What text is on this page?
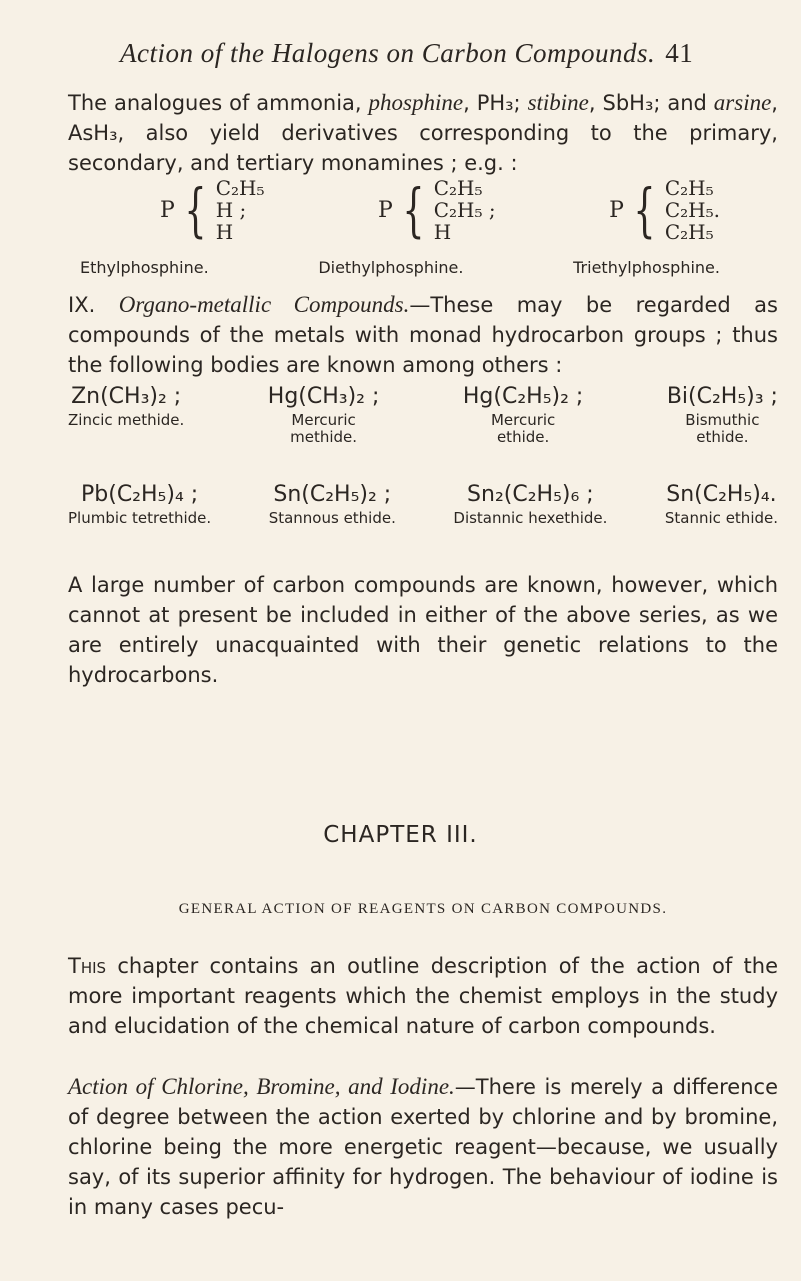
Action of the Halogens on Carbon Compounds. 41
The analogues of ammonia, phosphine, PH₃; stibine, SbH₃; and arsine, AsH₃, also yield derivatives corresponding to the primary, secondary, and tertiary monamines ; e.g. :
P { C₂H₅
H ;
H
P { C₂H₅
C₂H₅ ;
H
P { C₂H₅
C₂H₅.
C₂H₅
Ethylphosphine.	Diethylphosphine.	Triethylphosphine.
IX. Organo-metallic Compounds.—These may be regarded as compounds of the metals with monad hydrocarbon groups ; thus the following bodies are known among others :
Zn(CH₃)₂ ;
Zincic methide.
Hg(CH₃)₂ ;
Mercuric methide.
Hg(C₂H₅)₂ ;
Mercuric ethide.
Bi(C₂H₅)₃ ;
Bismuthic ethide.
Pb(C₂H₅)₄ ;
Plumbic tetrethide.
Sn(C₂H₅)₂ ;
Stannous ethide.
Sn₂(C₂H₅)₆ ;
Distannic hexethide.
Sn(C₂H₅)₄.
Stannic ethide.
A large number of carbon compounds are known, however, which cannot at present be included in either of the above series, as we are entirely unacquainted with their genetic relations to the hydrocarbons.
CHAPTER III.
GENERAL ACTION OF REAGENTS ON CARBON COMPOUNDS.
This chapter contains an outline description of the action of the more important reagents which the chemist employs in the study and elucidation of the chemical nature of carbon compounds.
Action of Chlorine, Bromine, and Iodine.—There is merely a difference of degree between the action exerted by chlorine and by bromine, chlorine being the more energetic reagent—because, we usually say, of its superior affinity for hydrogen. The behaviour of iodine is in many cases pecu-
